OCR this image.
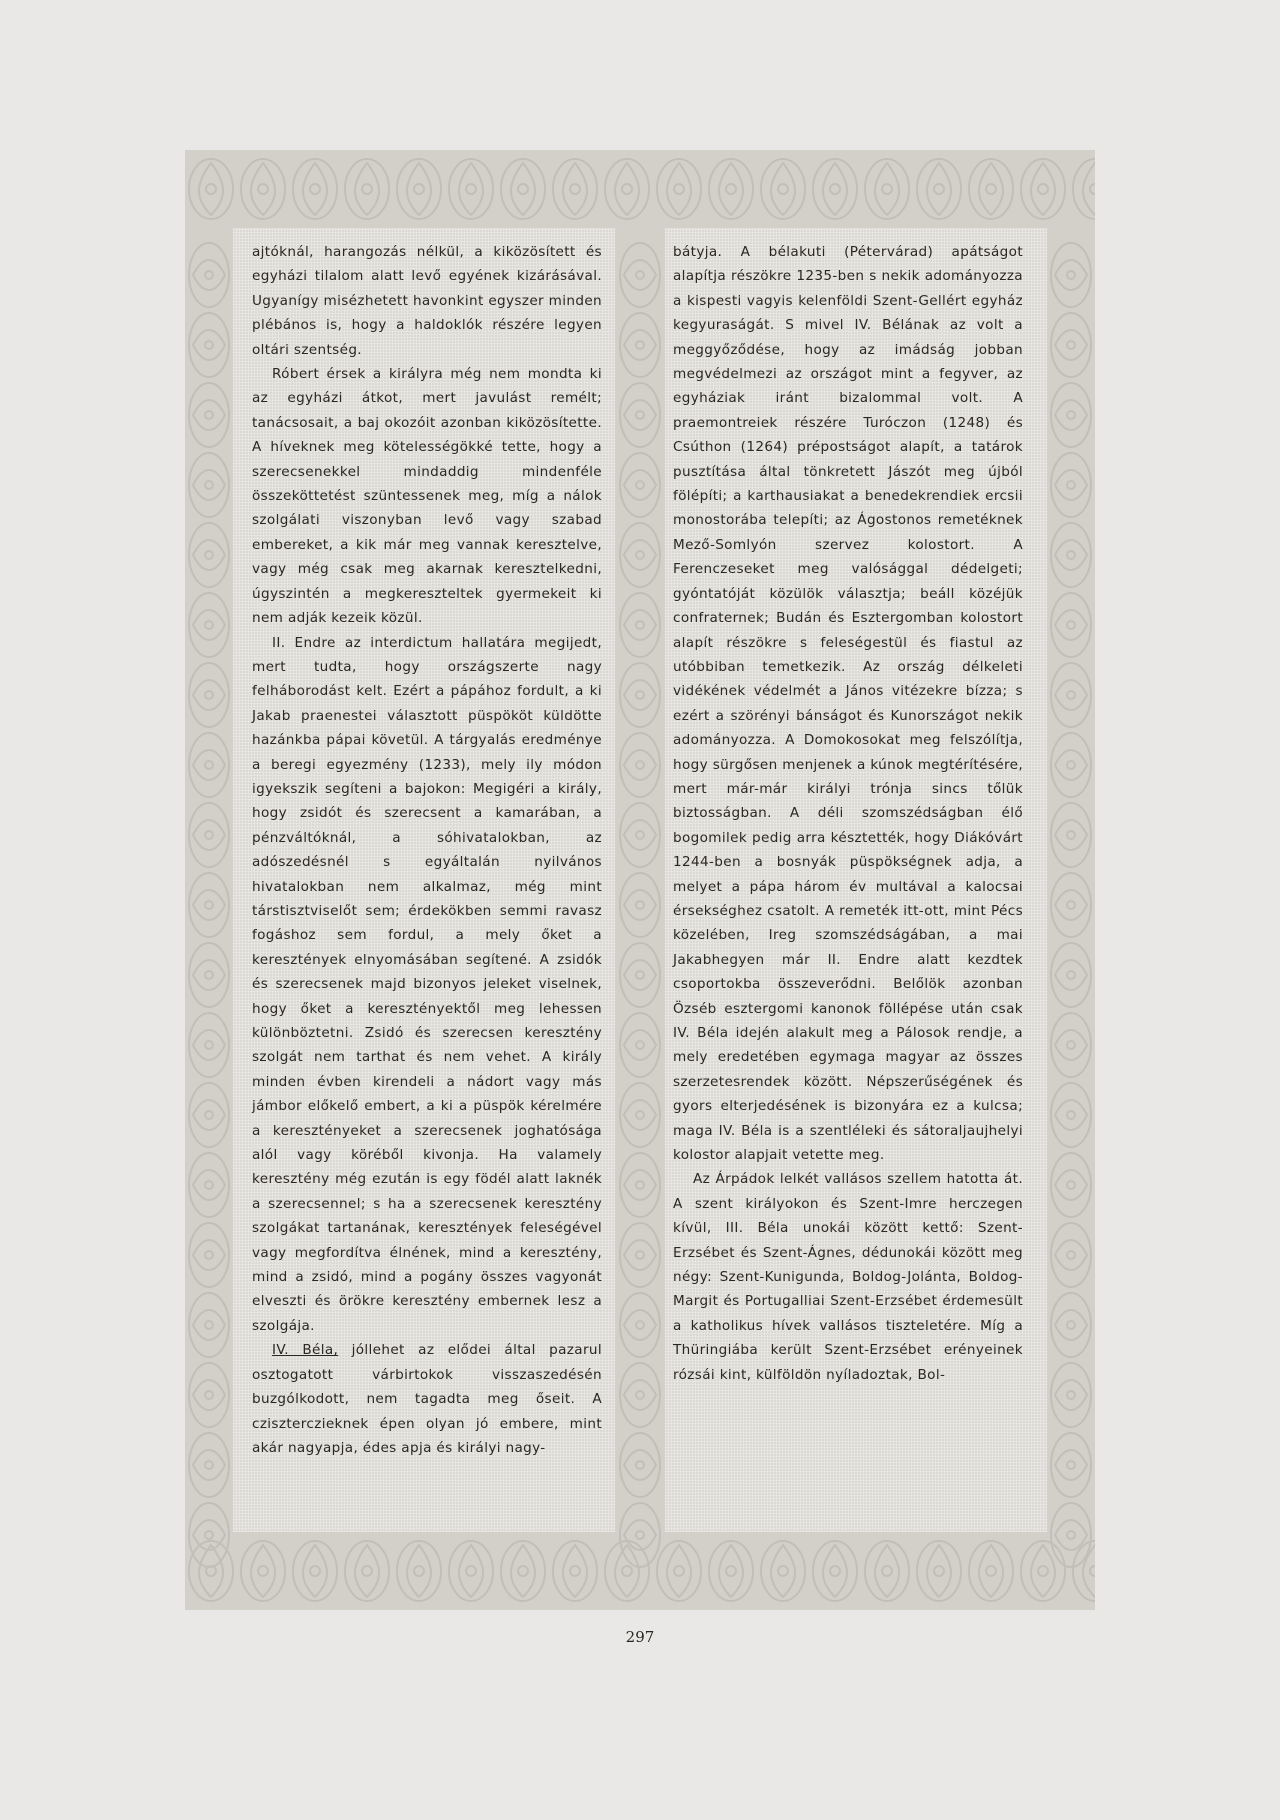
ajtóknál, harangozás nélkül, a kiközösített és egyházi tilalom alatt levő egyének kizárásával. Ugyanígy misézhetett havonkint egyszer minden plébános is, hogy a haldoklók részére legyen oltári szentség.

Róbert érsek a királyra még nem mondta ki az egyházi átkot, mert javulást remélt; tanácsosait, a baj okozóit azonban kiközösítette. A híveknek meg kötelességökké tette, hogy a szerecsenekkel mindaddig mindenféle összeköttetést szüntessenek meg, míg a nálok szolgálati viszonyban levő vagy szabad embereket, a kik már meg vannak keresztelve, vagy még csak meg akarnak keresztelkedni, úgyszintén a megkereszteltek gyermekeit ki nem adják kezeik közül.

II. Endre az interdictum hallatára megijedt, mert tudta, hogy országszerte nagy felháborodást kelt. Ezért a pápához fordult, a ki Jakab praenestei választott püspököt küldötte hazánkba pápai követül. A tárgyalás eredménye a beregi egyezmény (1233), mely ily módon igyekszik segíteni a bajokon: Megigéri a király, hogy zsidót és szerecsent a kamarában, a pénzváltóknál, a sóhivatalokban, az adószedésnél s egyáltalán nyilvános hivatalokban nem alkalmaz, még mint társtisztviselőt sem; érdekökben semmi ravasz fogáshoz sem fordul, a mely őket a keresztények elnyomásában segítené. A zsidók és szerecsenek majd bizonyos jeleket viselnek, hogy őket a keresztényektől meg lehessen különböztetni. Zsidó és szerecsen keresztény szolgát nem tarthat és nem vehet. A király minden évben kirendeli a nádort vagy más jámbor előkelő embert, a ki a püspök kérelmére a keresztényeket a szerecsenek joghatósága alól vagy köréből kivonja. Ha valamely keresztény még ezután is egy födél alatt laknék a szerecsennel; s ha a szerecsenek keresztény szolgákat tartanának, keresztények feleségével vagy megfordítva élnének, mind a keresztény, mind a zsidó, mind a pogány összes vagyonát elveszti és örökre keresztény embernek lesz a szolgája.

IV. Béla, jóllehet az elődei által pazarul osztogatott várbirtokok visszaszedésén buzgólkodott, nem tagadta meg őseit. A cziszterczieknek épen olyan jó embere, mint akár nagyapja, édes apja és királyi nagy-

bátyja. A bélakuti (Pétervárad) apátságot alapítja részökre 1235-ben s nekik adományozza a kispesti vagyis kelenföldi Szent-Gellért egyház kegyuraságát. S mivel IV. Bélának az volt a meggyőződése, hogy az imádság jobban megvédelmezi az országot mint a fegyver, az egyháziak iránt bizalommal volt. A praemontreiek részére Turóczon (1248) és Csúthon (1264) prépostságot alapít, a tatárok pusztítása által tönkretett Jászót meg újból fölépíti; a karthausiakat a benedekrendiek ercsii monostorába telepíti; az Ágostonos remetéknek Mező-Somlyón szervez kolostort. A Ferenczeseket meg valósággal dédelgeti; gyóntatóját közülök választja; beáll közéjük confraternek; Budán és Esztergomban kolostort alapít részökre s feleségestül és fiastul az utóbbiban temetkezik. Az ország délkeleti vidékének védelmét a János vitézekre bízza; s ezért a szörényi bánságot és Kunországot nekik adományozza. A Domokosokat meg felszólítja, hogy sürgősen menjenek a kúnok megtérítésére, mert már-már királyi trónja sincs tőlük biztosságban. A déli szomszédságban élő bogomilek pedig arra késztették, hogy Diákóvárt 1244-ben a bosnyák püspökségnek adja, a melyet a pápa három év multával a kalocsai érsekséghez csatolt. A remeték itt-ott, mint Pécs közelében, Ireg szomszédságában, a mai Jakabhegyen már II. Endre alatt kezdtek csoportokba összeverődni. Belőlök azonban Özséb esztergomi kanonok föllépése után csak IV. Béla idején alakult meg a Pálosok rendje, a mely eredetében egymaga magyar az összes szerzetesrendek között. Népszerűségének és gyors elterjedésének is bizonyára ez a kulcsa; maga IV. Béla is a szentléleki és sátoraljaujhelyi kolostor alapjait vetette meg.

Az Árpádok lelkét vallásos szellem hatotta át. A szent királyokon és Szent-Imre herczegen kívül, III. Béla unokái között kettő: Szent-Erzsébet és Szent-Ágnes, dédunokái között meg négy: Szent-Kunigunda, Boldog-Jolánta, Boldog-Margit és Portugalliai Szent-Erzsébet érdemesült a katholikus hívek vallásos tiszteletére. Míg a Thüringiába került Szent-Erzsébet erényeinek rózsái kint, külföldön nyíladoztak, Bol-

297
